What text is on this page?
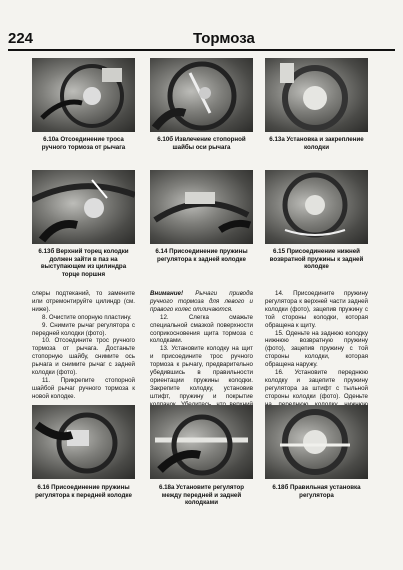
224	Тормоза
6.10a Отсоединение троса ручного тормоза от рычага
6.10б Извлечение стопорной шайбы оси рычага
6.13a Установка и закрепление колодки
6.13б Верхний торец колодки должен зайти в паз на выступающем из цилиндра торце поршня
6.14 Присоединение пружины регулятора к задней колодке
6.15 Присоединение нижней возвратной пружины к задней колодке

слеры подтеканий, то замените или отремонтируйте цилиндр (см. ниже).

8. Очистите опорную пластину.

9. Снимите рычаг регулятора с передней колодки (фото).

10. Отсоедините трос ручного тормоза от рычага. Достаньте стопорную шайбу, снимите ось рычага и снимите рычаг с задней колодки (фото).

11. Прикрепите стопорной шайбой рычаг ручного тормоза к новой колодке.

Внимание! Рычаги привода ручного тормоза для левого и правого колес отличаются.

12. Слегка смажьте специальной смазкой поверхности соприкосновения щита тормоза с колодками.

13. Установите колодку на щит и присоедините трос ручного тормоза к рычагу, предварительно убедившись в правильности ориентации пружины колодки. Закрепите колодку, установив штифт, пружину и покрытие

14. Присоедините пружину регулятора к верхней части задней колодки (фото), зацепив пружину с той стороны колодки, которая обращена к щиту.

15. Оденьте на заднюю колодку нижнюю возвратную пружину (фото), зацепив пружину с той стороны колодки, которая обращена наружу.

16. Установите переднюю колодку и зацепите пружину регулятора за штифт с тыльной стороны колодки (фото). Оденьте

6.16 Присоединение пружины регулятора к передней колодке
6.18a Установите регулятор между передней и задней колодками
6.18б Правильная установка регулятора
